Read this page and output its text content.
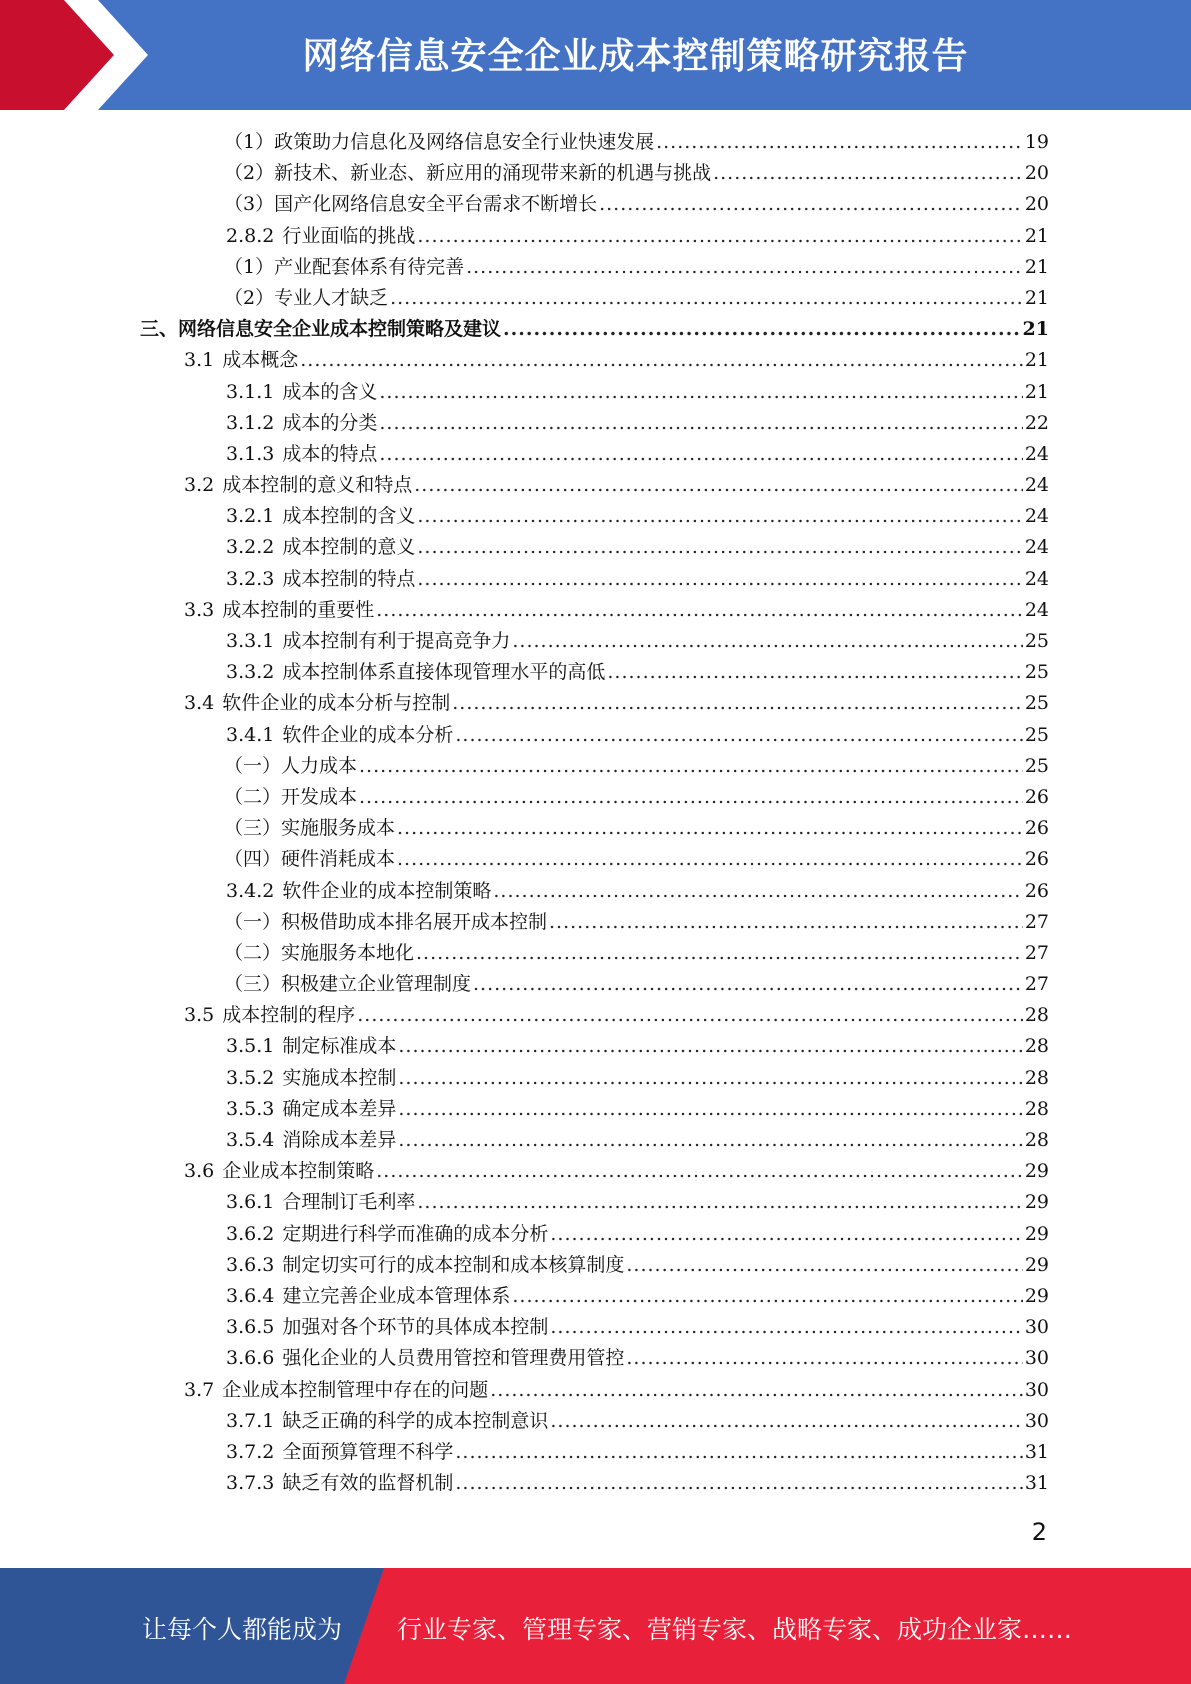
网络信息安全企业成本控制策略研究报告
（1）政策助力信息化及网络信息安全行业快速发展 .....	19
（2）新技术、新业态、新应用的涌现带来新的机遇与挑战 .....	20
（3）国产化网络信息安全平台需求不断增长 .....	20
2.8.2 行业面临的挑战 .....	21
（1）产业配套体系有待完善 .....	21
（2）专业人才缺乏 .....	21
三、网络信息安全企业成本控制策略及建议 .....	21
3.1 成本概念 .....	21
3.1.1 成本的含义 .....	21
3.1.2 成本的分类 .....	22
3.1.3 成本的特点 .....	24
3.2 成本控制的意义和特点 .....	24
3.2.1 成本控制的含义 .....	24
3.2.2 成本控制的意义 .....	24
3.2.3 成本控制的特点 .....	24
3.3 成本控制的重要性 .....	24
3.3.1 成本控制有利于提高竞争力 .....	25
3.3.2 成本控制体系直接体现管理水平的高低 .....	25
3.4 软件企业的成本分析与控制 .....	25
3.4.1 软件企业的成本分析 .....	25
（一）人力成本 .....	25
（二）开发成本 .....	26
（三）实施服务成本 .....	26
（四）硬件消耗成本 .....	26
3.4.2 软件企业的成本控制策略 .....	26
（一）积极借助成本排名展开成本控制 .....	27
（二）实施服务本地化 .....	27
（三）积极建立企业管理制度 .....	27
3.5 成本控制的程序 .....	28
3.5.1 制定标准成本 .....	28
3.5.2 实施成本控制 .....	28
3.5.3 确定成本差异 .....	28
3.5.4 消除成本差异 .....	28
3.6 企业成本控制策略 .....	29
3.6.1 合理制订毛利率 .....	29
3.6.2 定期进行科学而准确的成本分析 .....	29
3.6.3 制定切实可行的成本控制和成本核算制度 .....	29
3.6.4 建立完善企业成本管理体系 .....	29
3.6.5 加强对各个环节的具体成本控制 .....	30
3.6.6 强化企业的人员费用管控和管理费用管控 .....	30
3.7 企业成本控制管理中存在的问题 .....	30
3.7.1 缺乏正确的科学的成本控制意识 .....	30
3.7.2 全面预算管理不科学 .....	31
3.7.3 缺乏有效的监督机制 .....	31
2
让每个人都能成为 行业专家、管理专家、营销专家、战略专家、成功企业家……
